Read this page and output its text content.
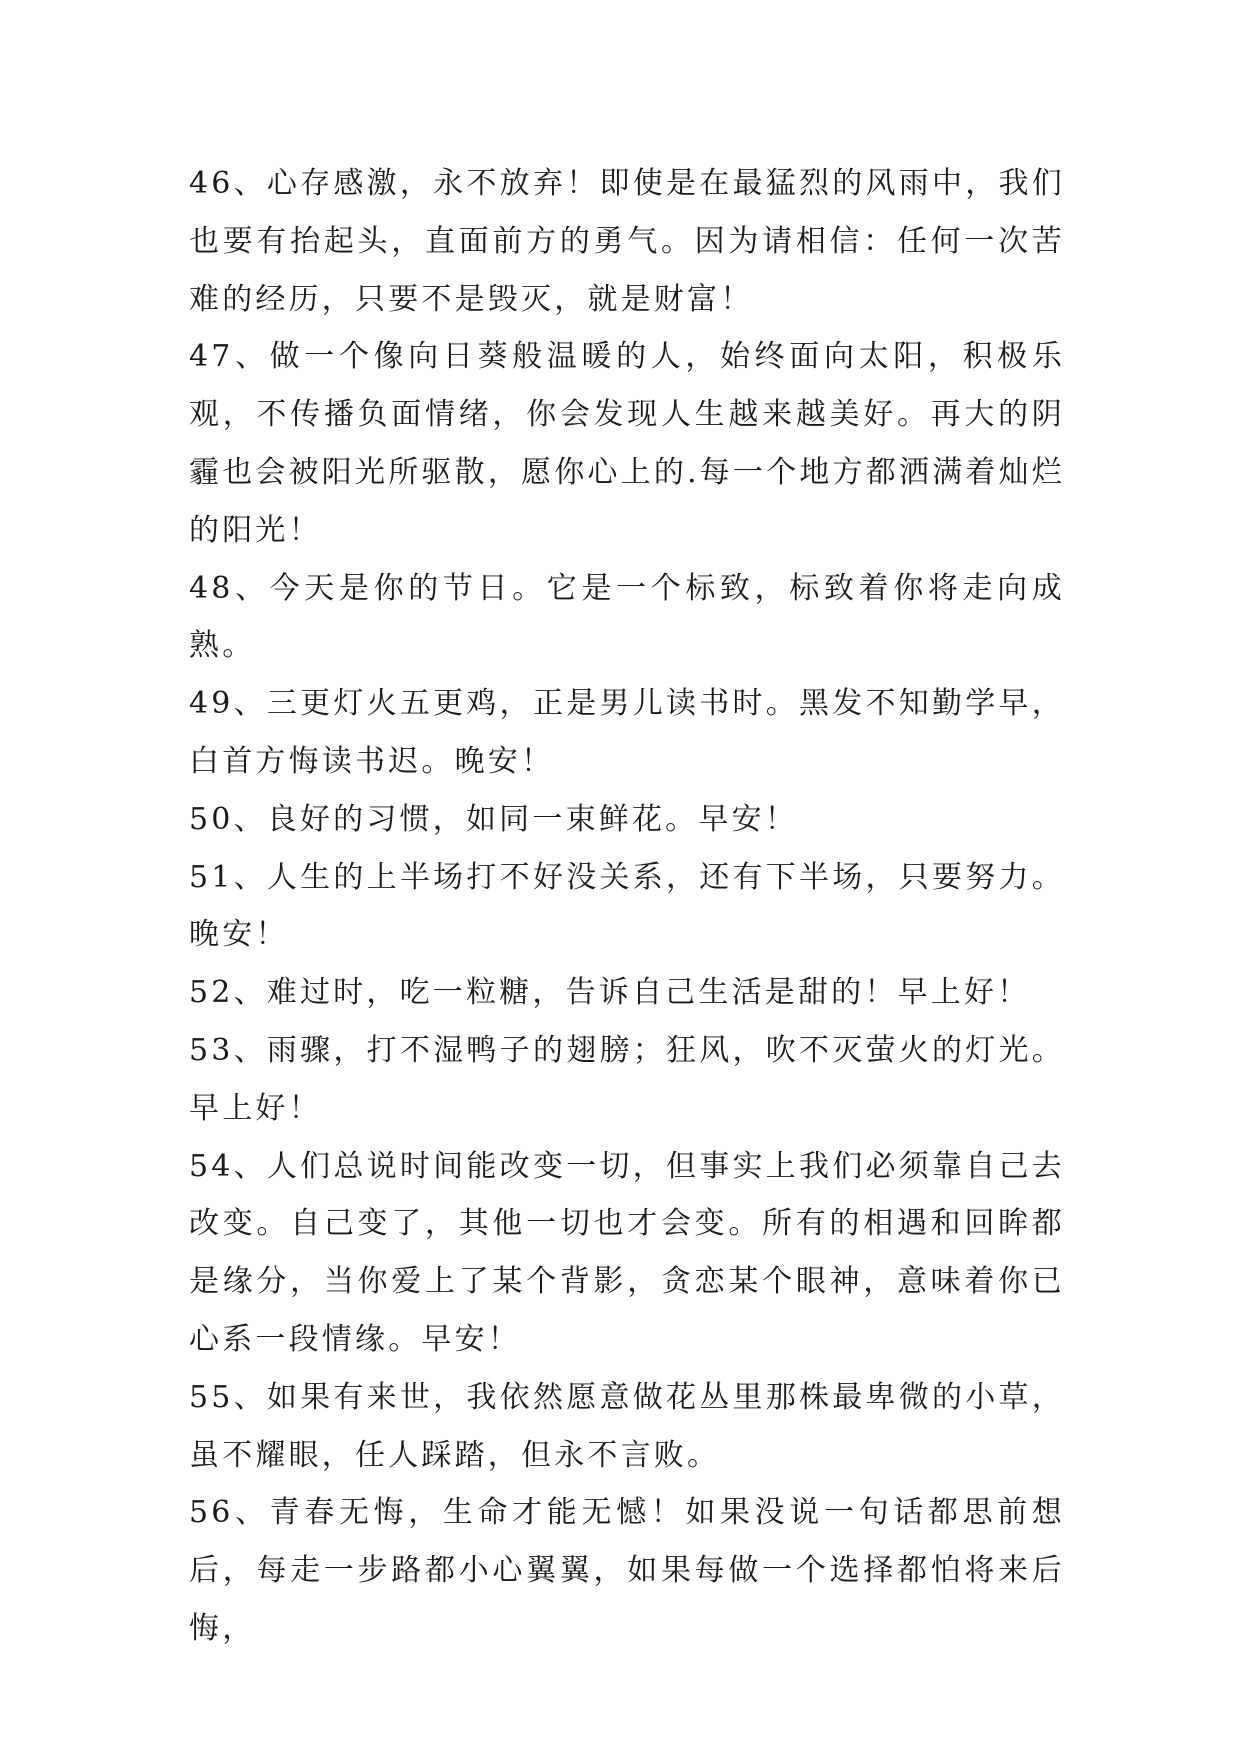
46、心存感激，永不放弃！即使是在最猛烈的风雨中，我们也要有抬起头，直面前方的勇气。因为请相信：任何一次苦难的经历，只要不是毁灭，就是财富！

47、做一个像向日葵般温暖的人，始终面向太阳，积极乐观，不传播负面情绪，你会发现人生越来越美好。再大的阴霾也会被阳光所驱散，愿你心上的.每一个地方都洒满着灿烂的阳光！

48、今天是你的节日。它是一个标致，标致着你将走向成熟。

49、三更灯火五更鸡，正是男儿读书时。黑发不知勤学早，白首方悔读书迟。晚安！

50、良好的习惯，如同一束鲜花。早安！

51、人生的上半场打不好没关系，还有下半场，只要努力。晚安！

52、难过时，吃一粒糖，告诉自己生活是甜的！早上好！

53、雨骤，打不湿鸭子的翅膀；狂风，吹不灭萤火的灯光。早上好！

54、人们总说时间能改变一切，但事实上我们必须靠自己去改变。自己变了，其他一切也才会变。所有的相遇和回眸都是缘分，当你爱上了某个背影，贪恋某个眼神，意味着你已心系一段情缘。早安！

55、如果有来世，我依然愿意做花丛里那株最卑微的小草，虽不耀眼，任人踩踏，但永不言败。

56、青春无悔，生命才能无憾！如果没说一句话都思前想后，每走一步路都小心翼翼，如果每做一个选择都怕将来后悔，
